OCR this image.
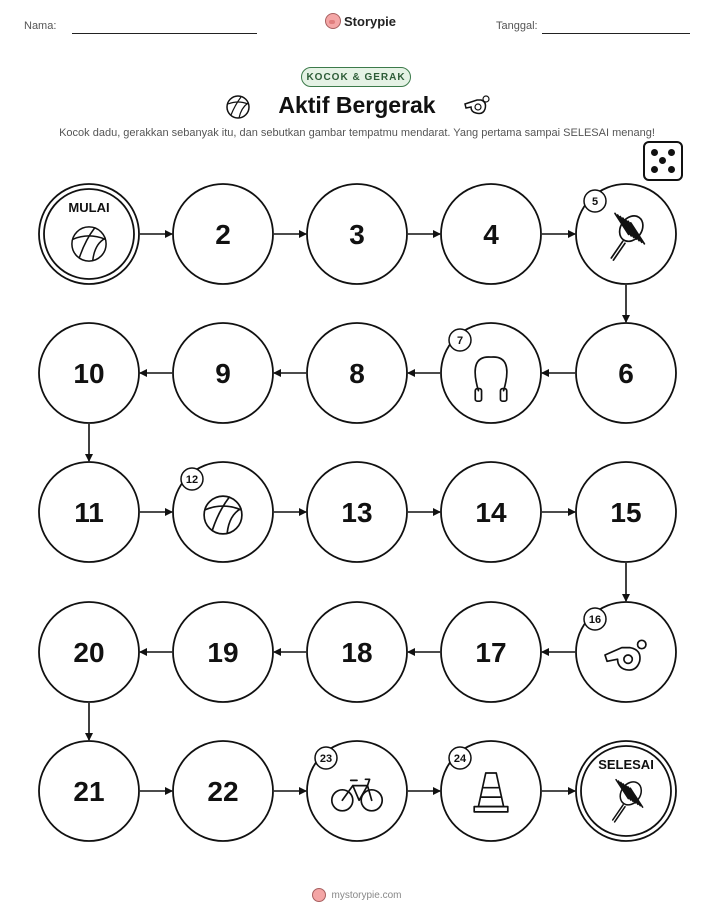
Nama:	Storypie	Tanggal:
KOCOK & GERAK
Aktif Bergerak
Kocok dadu, gerakkan sebanyak itu, dan sebutkan gambar tempatmu mendarat. Yang pertama sampai SELESAI menang!
MULAI
2	3	4
5
6
7
8
9
10
11
12
13	14	15
16
17
18
19
20
21	22
23	24	SELESAI
mystorypie.com
